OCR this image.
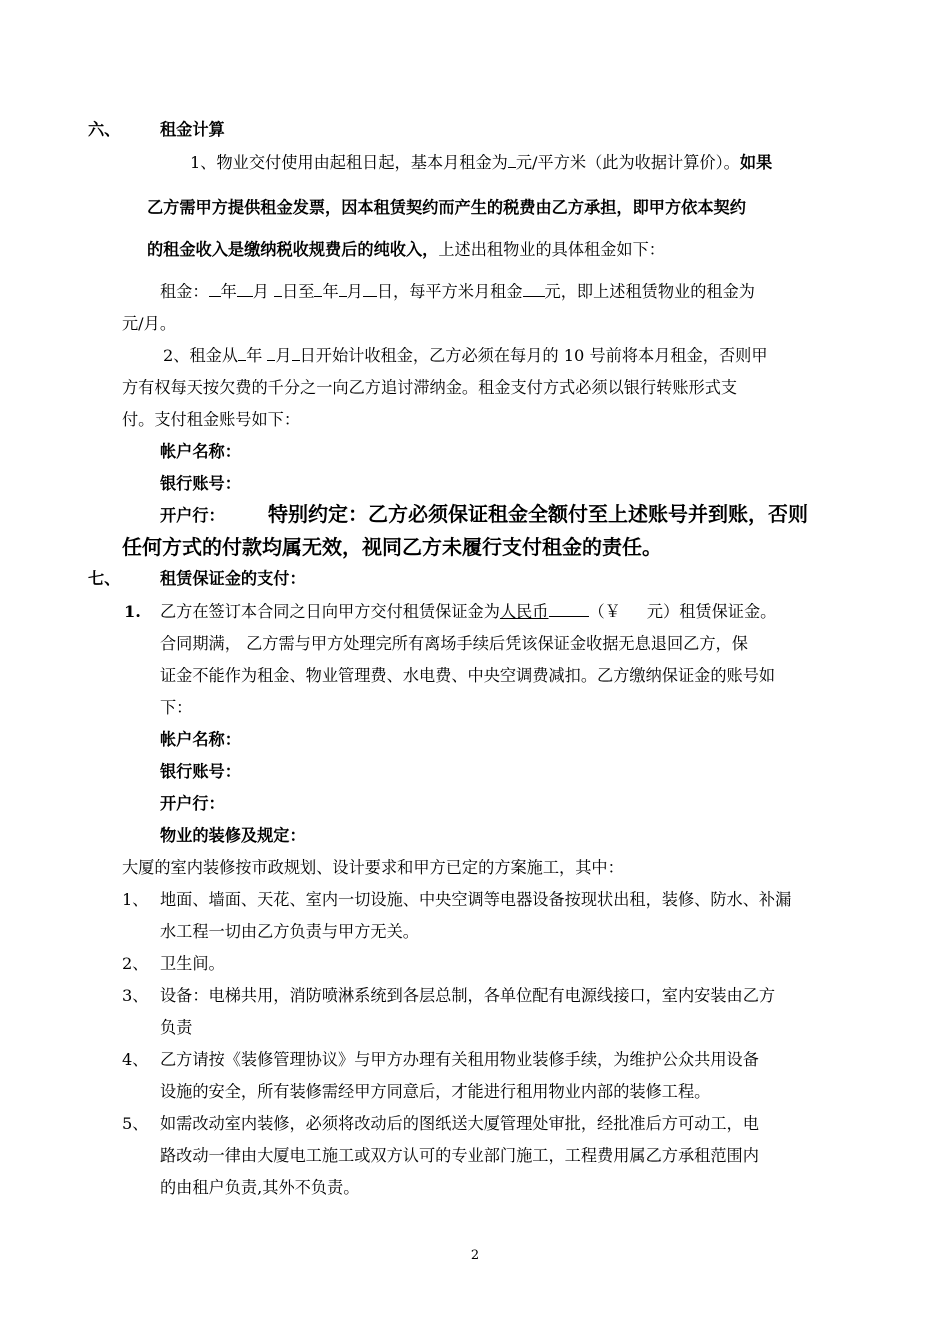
六、 租金计算
1、物业交付使用由起租日起，基本月租金为 元/平方米（此为收据计算价）。如果
乙方需甲方提供租金发票，因本租赁契约而产生的税费由乙方承担，即甲方依本契约
的租金收入是缴纳税收规费后的纯收入，上述出租物业的具体租金如下：
租金： 年 月 日至 年 月 日，每平方米月租金 元，即上述租赁物业的租金为
元/月。
2、租金从 年 月 日开始计收租金，乙方必须在每月的 10 号前将本月租金，否则甲
方有权每天按欠费的千分之一向乙方追讨滞纳金。租金支付方式必须以银行转账形式支
付。支付租金账号如下：
帐户名称：
银行账号：
开户行： 特别约定：乙方必须保证租金全额付至上述账号并到账，否则
任何方式的付款均属无效，视同乙方未履行支付租金的责任。
七、 租赁保证金的支付：
1. 乙方在签订本合同之日向甲方交付租赁保证金为人民币 （￥ 元）租赁保证金。
合同期满， 乙方需与甲方处理完所有离场手续后凭该保证金收据无息退回乙方，保
证金不能作为租金、物业管理费、水电费、中央空调费减扣。乙方缴纳保证金的账号如
下：
帐户名称：
银行账号：
开户行：
物业的装修及规定：
大厦的室内装修按市政规划、设计要求和甲方已定的方案施工，其中：
1、 地面、墙面、天花、室内一切设施、中央空调等电器设备按现状出租，装修、防水、补漏
水工程一切由乙方负责与甲方无关。
2、 卫生间。
3、 设备：电梯共用，消防喷淋系统到各层总制，各单位配有电源线接口，室内安装由乙方
负责
4、 乙方请按《装修管理协议》与甲方办理有关租用物业装修手续，为维护公众共用设备
设施的安全，所有装修需经甲方同意后，才能进行租用物业内部的装修工程。
5、 如需改动室内装修，必须将改动后的图纸送大厦管理处审批，经批准后方可动工，电
路改动一律由大厦电工施工或双方认可的专业部门施工，工程费用属乙方承租范围内
的由租户负责,其外不负责。
2
